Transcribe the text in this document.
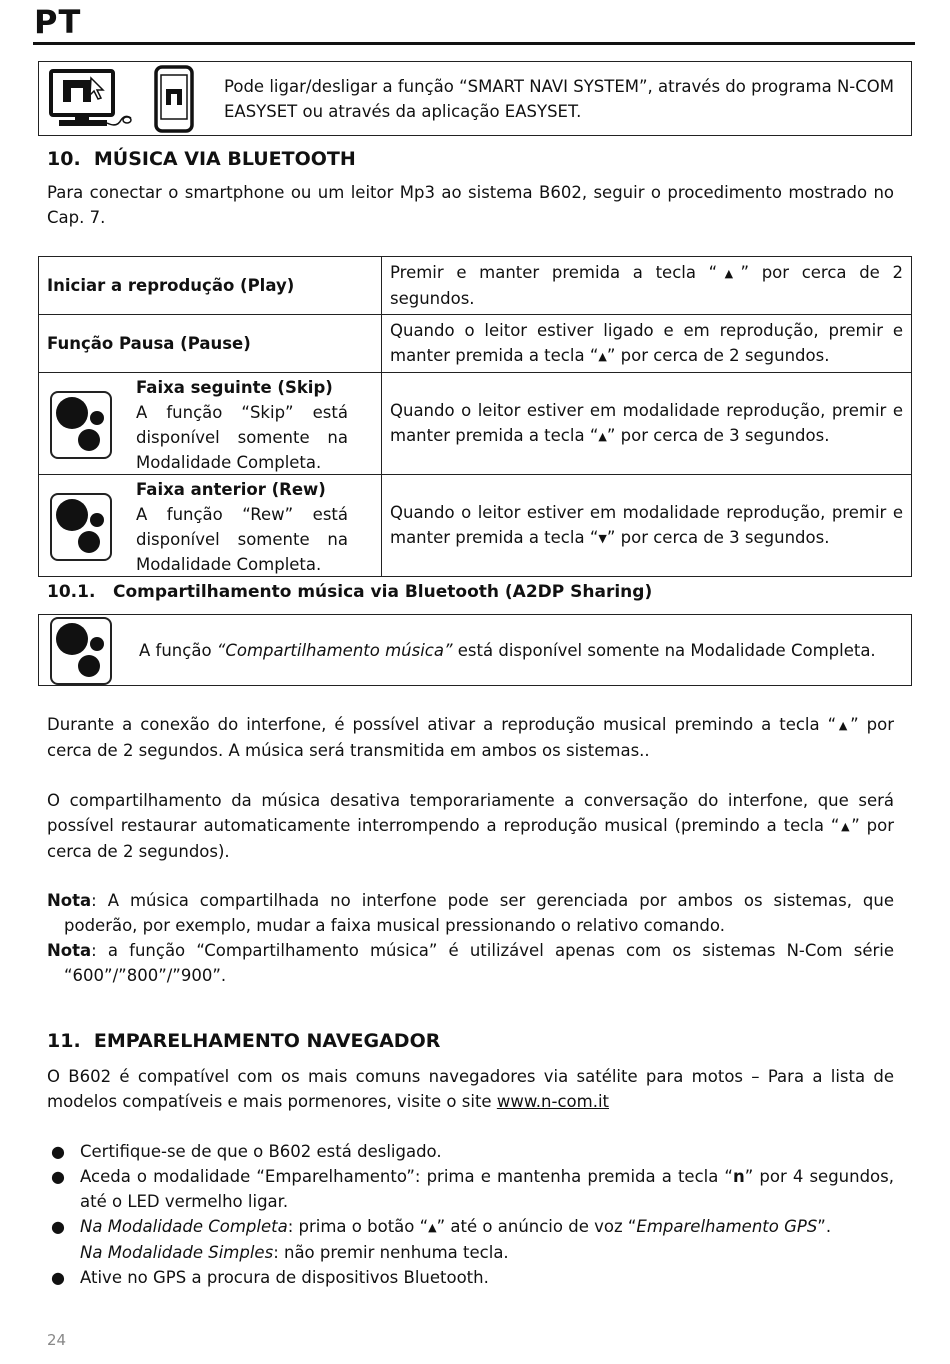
PT
Pode ligar/desligar a função “SMART NAVI SYSTEM”, através do programa N-COM EASYSET ou através da aplicação EASYSET.
10.  MÚSICA VIA BLUETOOTH
Para conectar o smartphone ou um leitor Mp3 ao sistema B602, seguir o procedimento mostrado no Cap. 7.
Iniciar a reprodução (Play)	Premir e manter premida a tecla “▲” por cerca de 2 segundos.
Função Pausa (Pause)	Quando o leitor estiver ligado e em reprodução, premir e manter premida a tecla “▲” por cerca de 2 segundos.

Faixa seguinte (Skip)
A função “Skip” está disponível somente na Modalidade Completa.	Quando o leitor estiver em modalidade reprodução, premir e manter premida a tecla “▲” por cerca de 3 segundos.

Faixa anterior (Rew)
A função “Rew” está disponível somente na Modalidade Completa.	Quando o leitor estiver em modalidade reprodução, premir e manter premida a tecla “▼” por cerca de 3 segundos.
10.1. Compartilhamento música via Bluetooth (A2DP Sharing)
A função “Compartilhamento música” está disponível somente na Modalidade Completa.
Durante a conexão do interfone, é possível ativar a reprodução musical premindo a tecla “▲” por cerca de 2 segundos. A música será transmitida em ambos os sistemas..
O compartilhamento da música desativa temporariamente a conversação do interfone, que será possível restaurar automaticamente interrompendo a reprodução musical (premindo a tecla “▲” por cerca de 2 segundos).
Nota: A música compartilhada no interfone pode ser gerenciada por ambos os sistemas, que poderão, por exemplo, mudar a faixa musical pressionando o relativo comando.
Nota: a função “Compartilhamento música” é utilizável apenas com os sistemas N-Com série “600”/”800”/”900”.
11.  EMPARELHAMENTO NAVEGADOR
O B602 é compatível com os mais comuns navegadores via satélite para motos – Para a lista de modelos compatíveis e mais pormenores, visite o site www.n-com.it
● Certifique-se de que o B602 está desligado.
● Aceda o modalidade “Emparelhamento”: prima e mantenha premida a tecla “n” por 4 segundos, até o LED vermelho ligar.
● Na Modalidade Completa: prima o botão “▲” até o anúncio de voz “Emparelhamento GPS”.
Na Modalidade Simples: não premir nenhuma tecla.
● Ative no GPS a procura de dispositivos Bluetooth.
24
